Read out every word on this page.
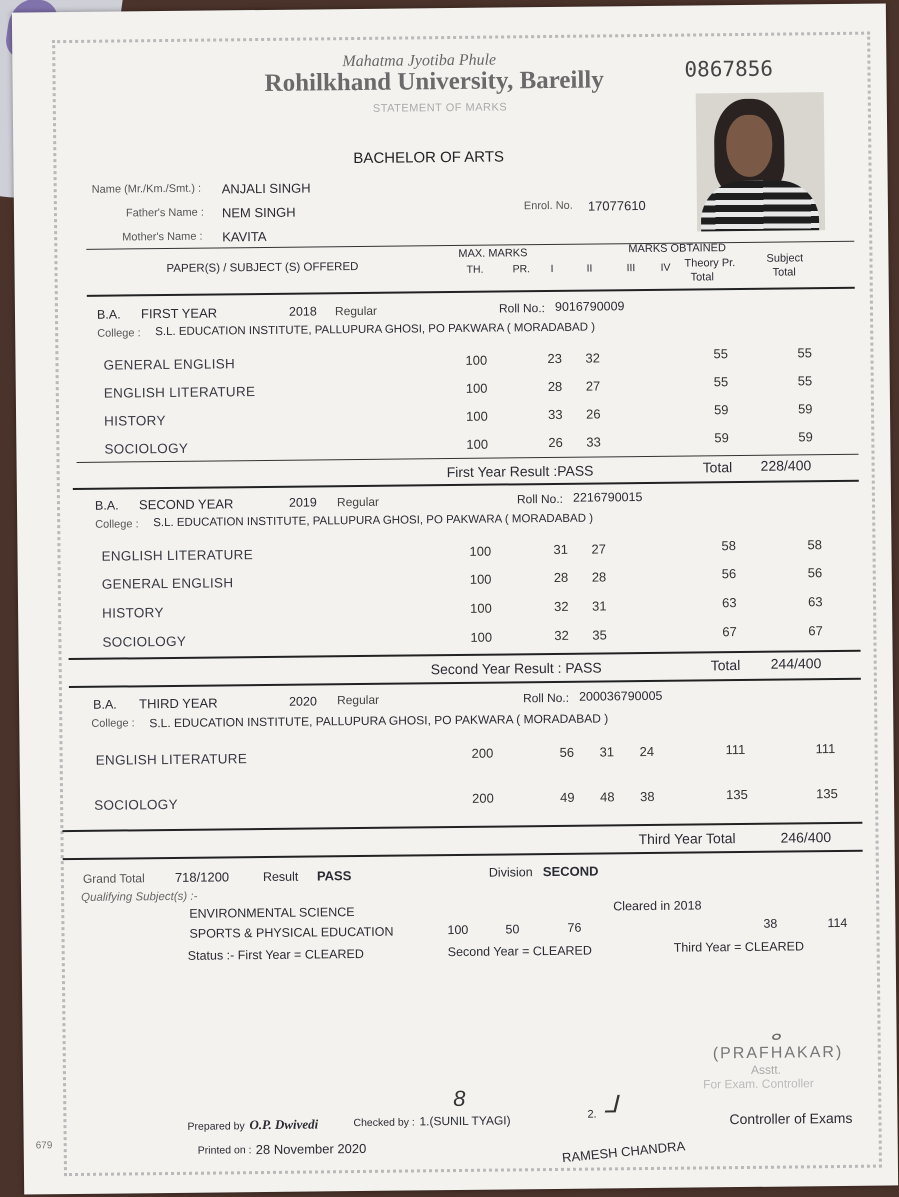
Mahatma Jyotiba Phule
Rohilkhand University, Bareilly
STATEMENT OF MARKS
0867856
BACHELOR OF ARTS
Name (Mr./Km./Smt.) : ANJALI SINGH
Father's Name : NEM SINGH
Mother's Name : KAVITA
Enrol. No. 17077610
PAPER(S) / SUBJECT (S) OFFERED
MAX. MARKS
TH.	PR.
MARKS OBTAINED
I	II	III IV Theory Pr.
Total
Subject
Total
B.A. FIRST YEAR	2018 Regular	Roll No.: 9016790009
College : S.L. EDUCATION INSTITUTE, PALLUPURA GHOSI, PO PAKWARA ( MORADABAD )
GENERAL ENGLISH	100	23 32	55	55
ENGLISH LITERATURE	100	28 27	55	55
HISTORY	100	33 26	59	59
SOCIOLOGY	100	26 33	59	59
First Year Result :PASS	Total 228/400
B.A. SECOND YEAR	2019 Regular	Roll No.: 2216790015
College : S.L. EDUCATION INSTITUTE, PALLUPURA GHOSI, PO PAKWARA ( MORADABAD )
ENGLISH LITERATURE	100	31 27	58	58
GENERAL ENGLISH	100	28 28	56	56
HISTORY	100	32 31	63	63
SOCIOLOGY	100	32 35	67	67
Second Year Result : PASS	Total 244/400
B.A. THIRD YEAR	2020 Regular	Roll No.: 200036790005
College : S.L. EDUCATION INSTITUTE, PALLUPURA GHOSI, PO PAKWARA ( MORADABAD )
ENGLISH LITERATURE	200	56 31 24	111	111
SOCIOLOGY	200	49 48 38	135	135
Third Year Total	246/400
Grand Total 718/1200	Result PASS	Division SECOND
Qualifying Subject(s) :-
ENVIRONMENTAL SCIENCE	Cleared in 2018
SPORTS & PHYSICAL EDUCATION	100	50	76	38	114
Status :- First Year = CLEARED	Second Year = CLEARED	Third Year = CLEARED
ⴰ
(PRAFHAKAR)
Asstt.
For Exam. Controller
8	ᒧ
Prepared by O.P. Dwivedi	Checked by : 1.(SUNIL TYAGI)	2.	Controller of Exams
Printed on : 28 November 2020	RAMESH CHANDRA
679
